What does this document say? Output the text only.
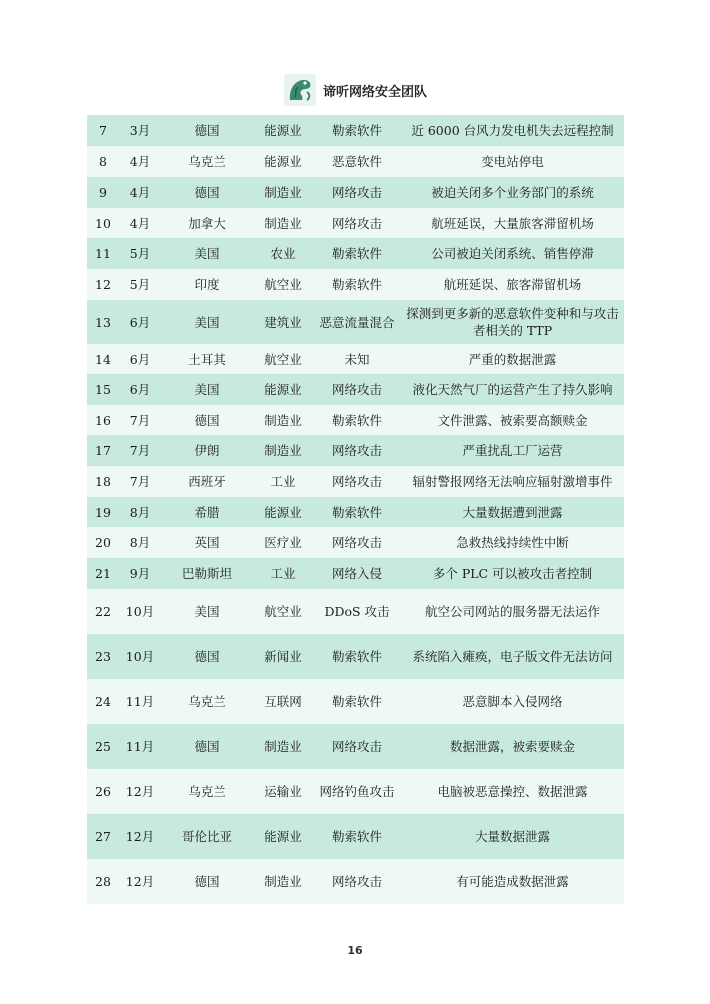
谛听网络安全团队
7	3月	德国	能源业	勒索软件	近 6000 台风力发电机失去远程控制
8	4月	乌克兰	能源业	恶意软件	变电站停电
9	4月	德国	制造业	网络攻击	被迫关闭多个业务部门的系统
10	4月	加拿大	制造业	网络攻击	航班延误，大量旅客滞留机场
11	5月	美国	农业	勒索软件	公司被迫关闭系统、销售停滞
12	5月	印度	航空业	勒索软件	航班延误、旅客滞留机场
13	6月	美国	建筑业	恶意流量混合	探测到更多新的恶意软件变种和与攻击者相关的 TTP
14	6月	土耳其	航空业	未知	严重的数据泄露
15	6月	美国	能源业	网络攻击	液化天然气厂的运营产生了持久影响
16	7月	德国	制造业	勒索软件	文件泄露、被索要高额赎金
17	7月	伊朗	制造业	网络攻击	严重扰乱工厂运营
18	7月	西班牙	工业	网络攻击	辐射警报网络无法响应辐射激增事件
19	8月	希腊	能源业	勒索软件	大量数据遭到泄露
20	8月	英国	医疗业	网络攻击	急救热线持续性中断
21	9月	巴勒斯坦	工业	网络入侵	多个 PLC 可以被攻击者控制
22	10月	美国	航空业	DDoS 攻击	航空公司网站的服务器无法运作
23	10月	德国	新闻业	勒索软件	系统陷入瘫痪，电子版文件无法访问
24	11月	乌克兰	互联网	勒索软件	恶意脚本入侵网络
25	11月	德国	制造业	网络攻击	数据泄露，被索要赎金
26	12月	乌克兰	运输业	网络钓鱼攻击	电脑被恶意操控、数据泄露
27	12月	哥伦比亚	能源业	勒索软件	大量数据泄露
28	12月	德国	制造业	网络攻击	有可能造成数据泄露
16
